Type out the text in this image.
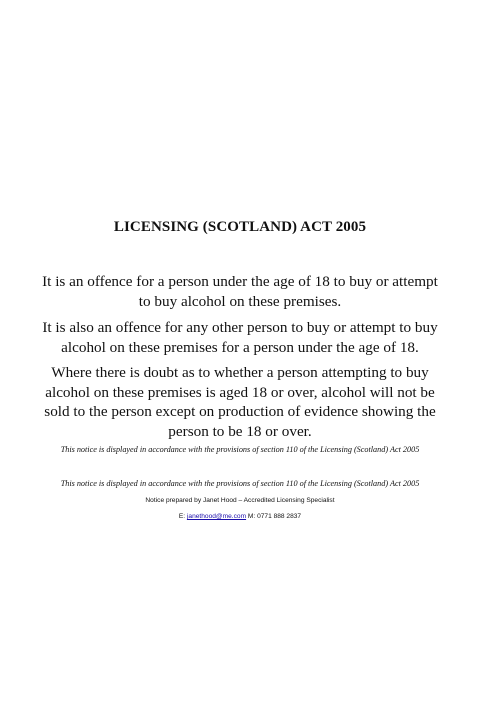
LICENSING (SCOTLAND) ACT 2005
It is an offence for a person under the age of 18 to buy or attempt to buy alcohol on these premises.
It is also an offence for any other person to buy or attempt to buy alcohol on these premises for a person under the age of 18.
Where there is doubt as to whether a person attempting to buy alcohol on these premises is aged 18 or over, alcohol will not be sold to the person except on production of evidence showing the person to be 18 or over.
This notice is displayed in accordance with the provisions of section 110 of the Licensing (Scotland) Act 2005
This notice is displayed in accordance with the provisions of section 110 of the Licensing (Scotland) Act 2005
Notice prepared by Janet Hood – Accredited Licensing Specialist
E: janethood@me.com M: 0771 888 2837
